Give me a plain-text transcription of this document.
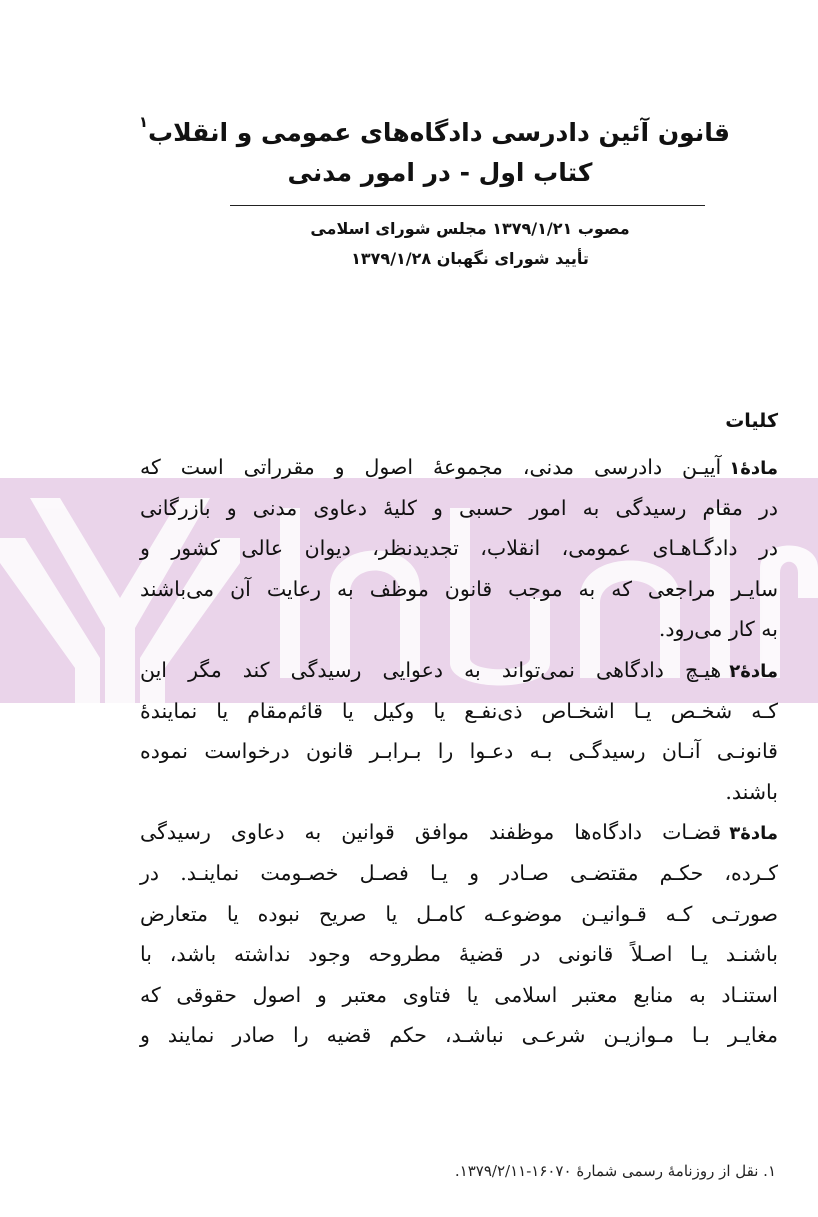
قانون آئین دادرسی دادگاه‌های عمومی و انقلاب$^۱$
کتاب اول - در امور مدنی
مصوب ۱۳۷۹/۱/۲۱ مجلس شورای اسلامی
تأیید شورای نگهبان ۱۳۷۹/۱/۲۸
کلیات
مادۀ۱آییـن دادرسی مدنی، مجموعۀ اصول و مقرراتی است که
در مقام رسیدگی به امور حسبی و کلیۀ دعاوی مدنی و بازرگانی
در دادگـاهـای عمومی، انقلاب، تجدیدنظر، دیوان عالی کشور و
سایـر مراجعی که به موجب قانون موظف به رعایت آن می‌باشند
به کار می‌رود.
مادۀ۲هیـچ دادگاهی نمی‌تواند به دعوایی رسیدگی کند مگر این
کـه شخـص یـا اشخـاص ذی‌نفـع یا وکیل یا قائم‌مقام یا نمایندۀ
قانونـی آنـان رسیدگـی بـه دعـوا را بـرابـر قانون درخواست نموده
باشند.
مادۀ۳قضـات دادگاه‌ها موظفند موافق قوانین به دعاوی رسیدگی
کـرده، حکـم مقتضـی صـادر و یـا فصـل خصـومت نماینـد. در
صورتـی کـه قـوانیـن موضوعـه کامـل یا صریح نبوده یا متعارض
باشنـد یـا اصـلاً قانونی در قضیۀ مطروحه وجود نداشته باشد، با
استنـاد به منابع معتبر اسلامی یا فتاوی معتبر و اصول حقوقی که
مغایـر بـا مـوازیـن شرعـی نباشـد، حکم قضیه را صادر نمایند و
۱. نقل از روزنامۀ رسمی شمارۀ ۱۶۰۷۰-۱۳۷۹/۲/۱۱.
